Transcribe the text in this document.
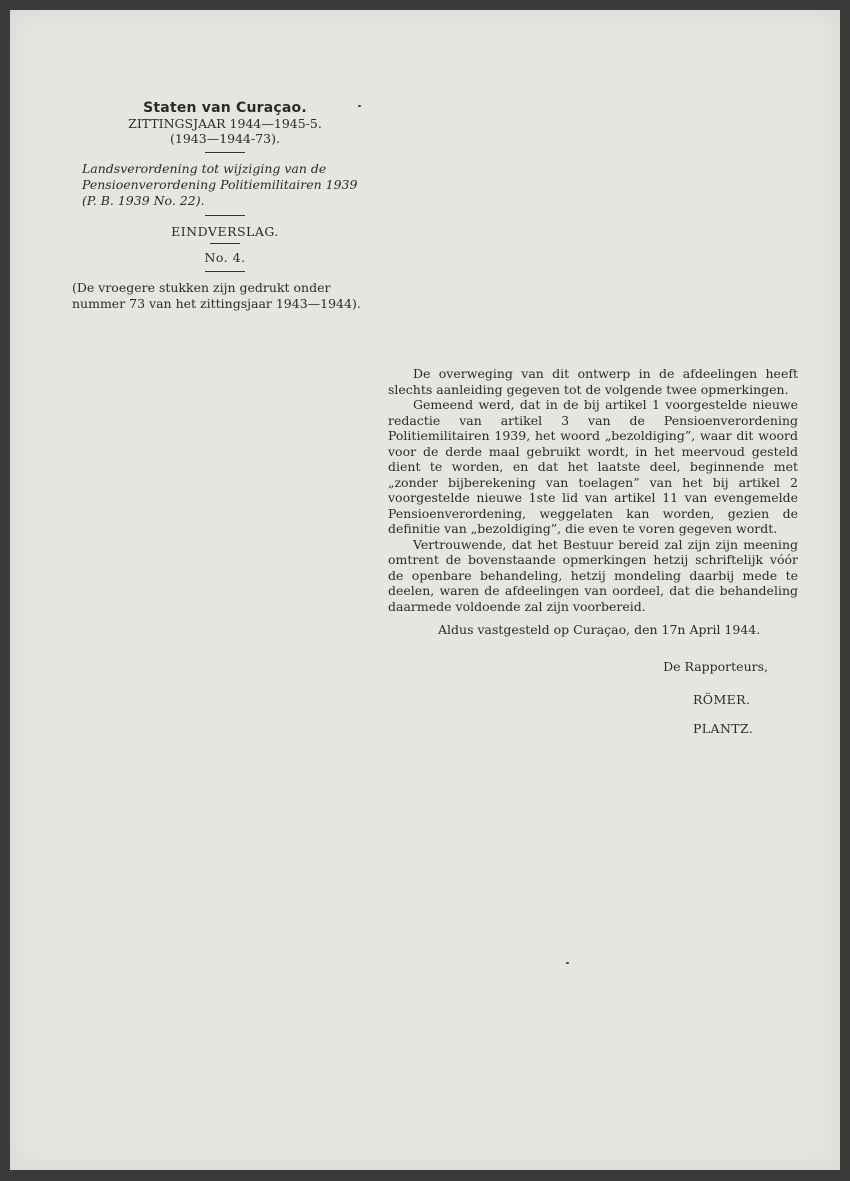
Staten van Curaçao.

ZITTINGSJAAR 1944—1945-5.

(1943—1944-73).

Landsverordening tot wijziging van de Pensioenverordening Politiemilitairen 1939 (P. B. 1939 No. 22).

EINDVERSLAG.

No. 4.

(De vroegere stukken zijn gedrukt onder nummer 73 van het zittingsjaar 1943—1944).

De overweging van dit ontwerp in de afdeelingen heeft slechts aanleiding gegeven tot de volgende twee opmerkingen.

Gemeend werd, dat in de bij artikel 1 voorgestelde nieuwe redactie van artikel 3 van de Pensioenverordening Politiemilitairen 1939, het woord „bezoldiging”, waar dit woord voor de derde maal gebruikt wordt, in het meervoud gesteld dient te worden, en dat het laatste deel, beginnende met „zonder bijberekening van toelagen” van het bij artikel 2 voorgestelde nieuwe 1ste lid van artikel 11 van evengemelde Pensioenverordening, weggelaten kan worden, gezien de definitie van „bezoldiging”, die even te voren gegeven wordt.

Vertrouwende, dat het Bestuur bereid zal zijn zijn meening omtrent de bovenstaande opmerkingen hetzij schriftelijk vóór de openbare behandeling, hetzij mondeling daarbij mede te deelen, waren de afdeelingen van oordeel, dat die behandeling daarmede voldoende zal zijn voorbereid.

Aldus vastgesteld op Curaçao, den 17n April 1944.

De Rapporteurs,

RÖMER.

PLANTZ.
